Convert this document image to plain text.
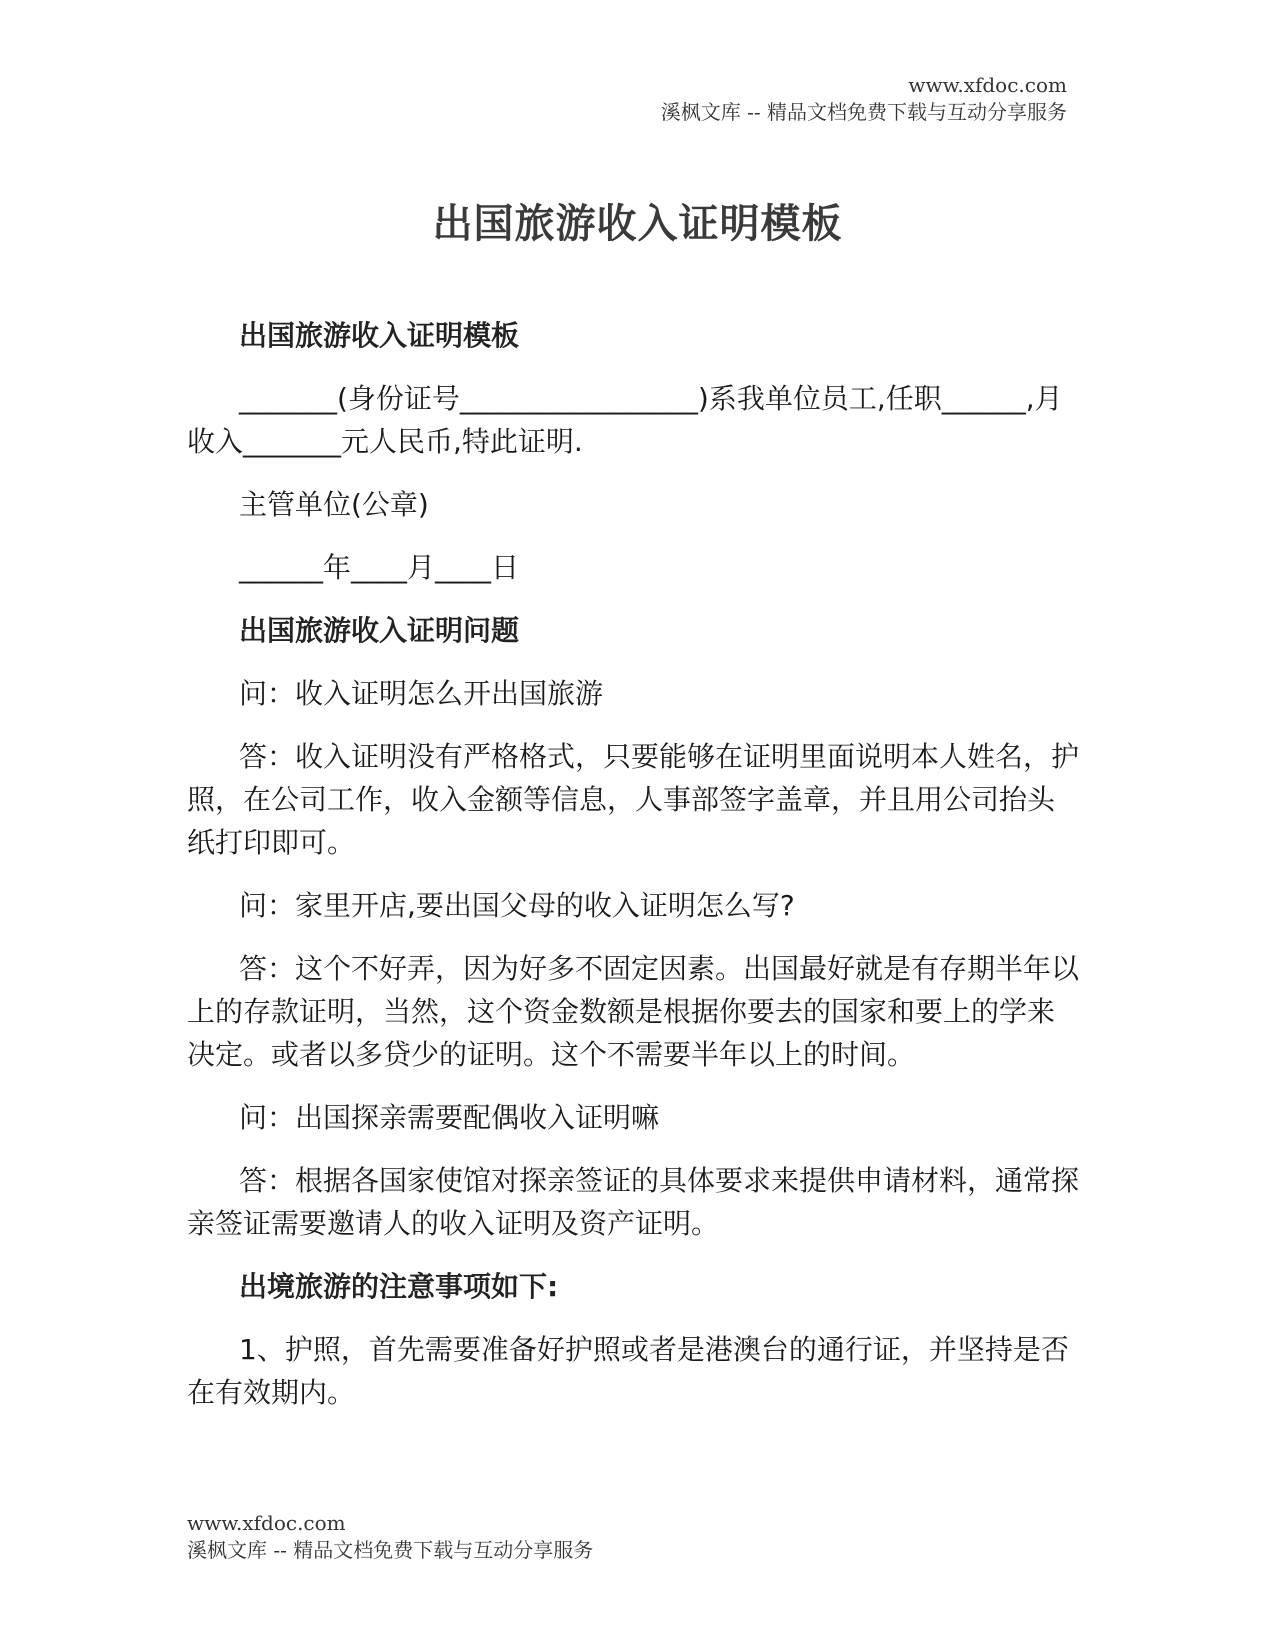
www.xfdoc.com
溪枫文库 -- 精品文档免费下载与互动分享服务
出国旅游收入证明模板

出国旅游收入证明模板

_______(身份证号_________________)系我单位员工,任职______,月收入_______元人民币,特此证明.

主管单位(公章)

______年____月____日

出国旅游收入证明问题

问：收入证明怎么开出国旅游

答：收入证明没有严格格式，只要能够在证明里面说明本人姓名，护照，在公司工作，收入金额等信息，人事部签字盖章，并且用公司抬头纸打印即可。

问：家里开店,要出国父母的收入证明怎么写?

答：这个不好弄，因为好多不固定因素。出国最好就是有存期半年以上的存款证明，当然，这个资金数额是根据你要去的国家和要上的学来决定。或者以多贷少的证明。这个不需要半年以上的时间。

问：出国探亲需要配偶收入证明嘛

答：根据各国家使馆对探亲签证的具体要求来提供申请材料，通常探亲签证需要邀请人的收入证明及资产证明。

出境旅游的注意事项如下:

1、护照，首先需要准备好护照或者是港澳台的通行证，并坚持是否在有效期内。

www.xfdoc.com
溪枫文库 -- 精品文档免费下载与互动分享服务
